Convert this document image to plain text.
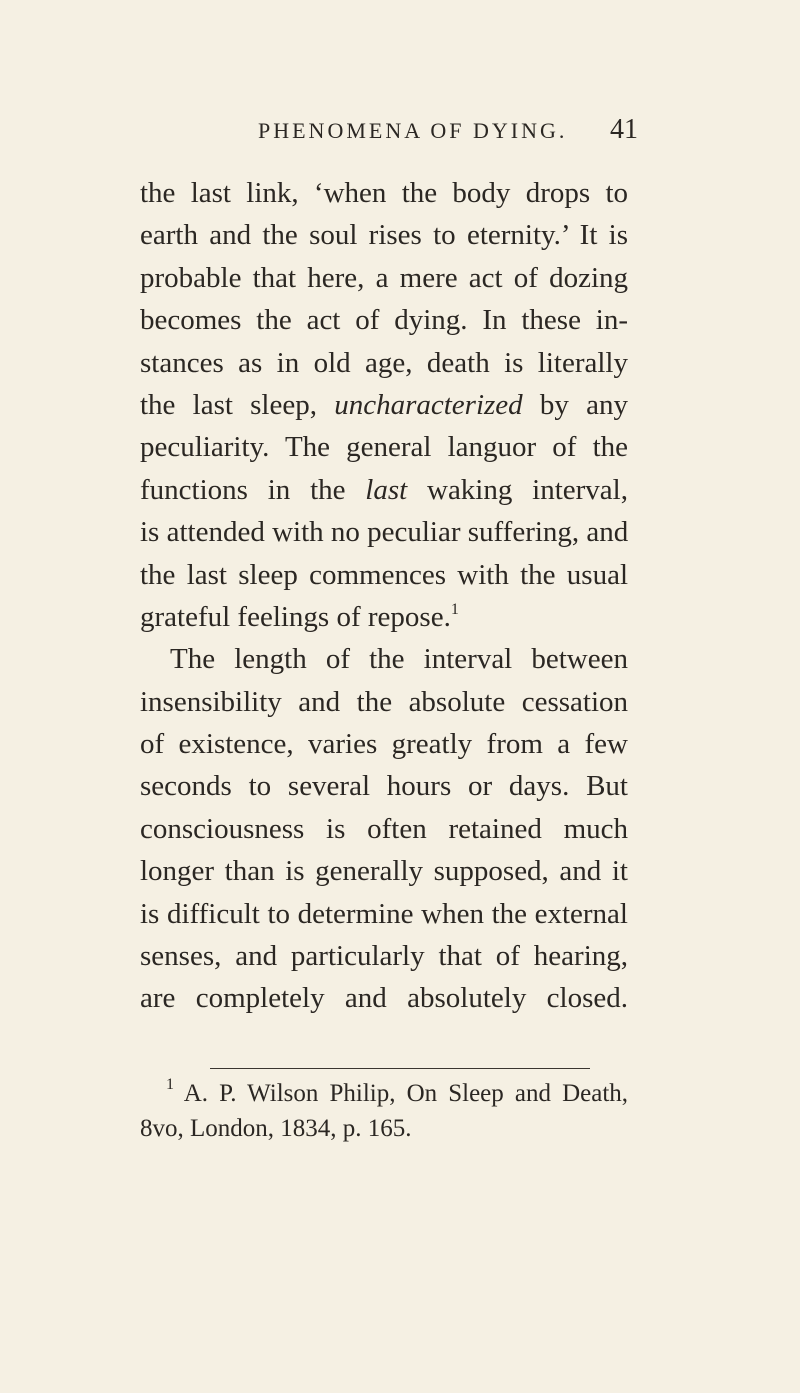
PHENOMENA OF DYING. 41
the last link, ‘when the body drops to
earth and the soul rises to eternity.’ It is
probable that here, a mere act of dozing
becomes the act of dying. In these in-
stances as in old age, death is literally
the last sleep, uncharacterized by any
peculiarity. The general languor of the
functions in the last waking interval,
is attended with no peculiar suffering, and
the last sleep commences with the usual
grateful feelings of repose.$^1$
The length of the interval between
insensibility and the absolute cessation
of existence, varies greatly from a few
seconds to several hours or days. But
consciousness is often retained much
longer than is generally supposed, and it
is difficult to determine when the external
senses, and particularly that of hearing,
are completely and absolutely closed.
$^1$ A. P. Wilson Philip, On Sleep and Death,
8vo, London, 1834, p. 165.
